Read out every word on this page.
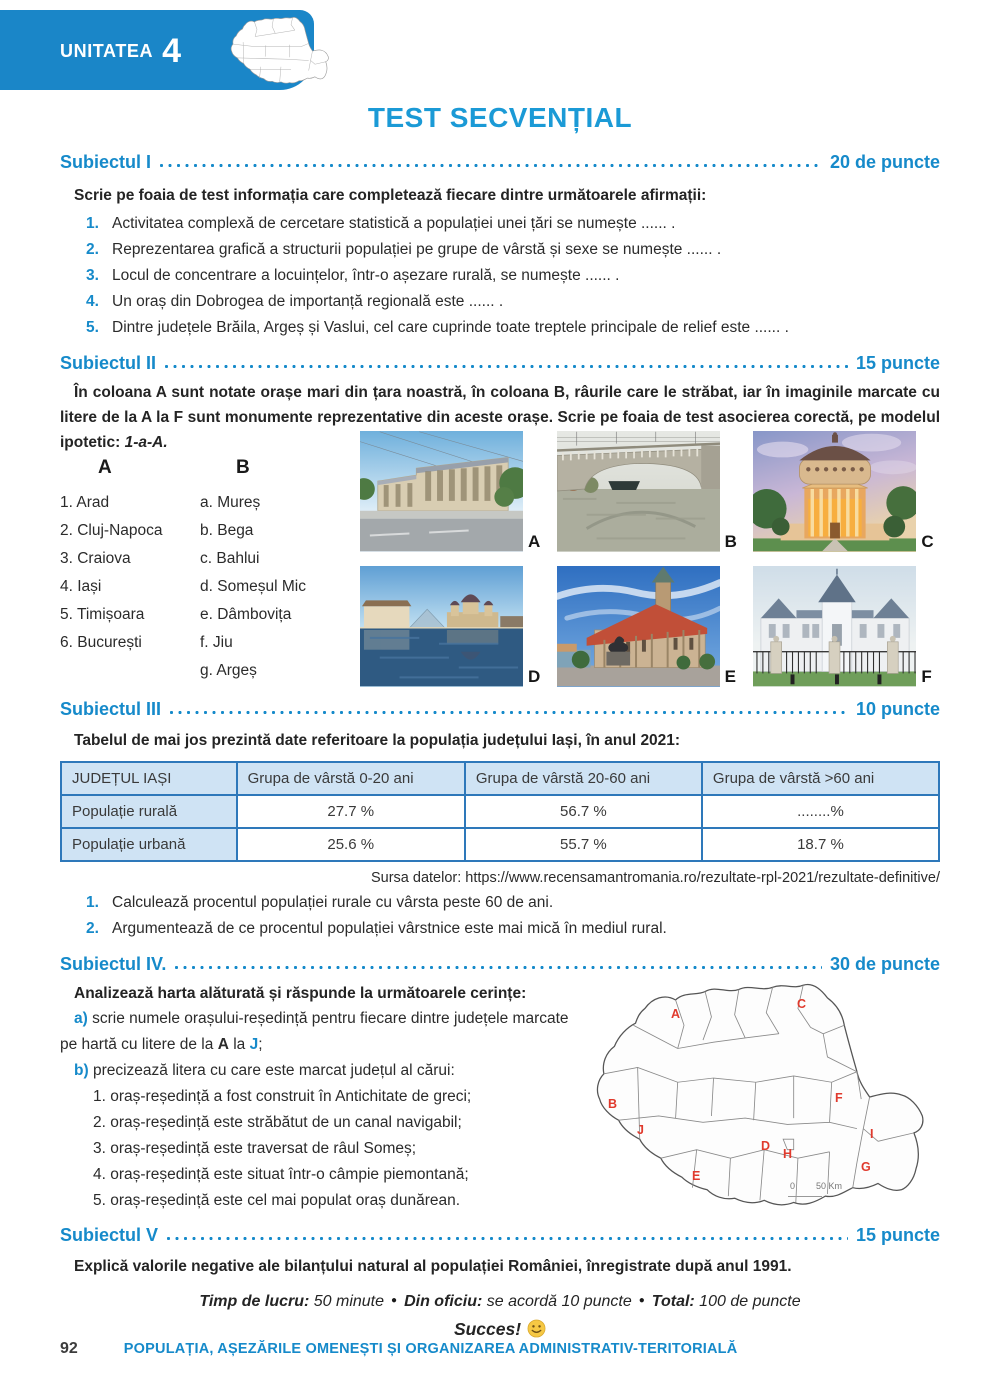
UNITATEA 4
TEST SECVENȚIAL
Subiectul I	20 de puncte
Scrie pe foaia de test informația care completează fiecare dintre următoarele afirmații:
1. Activitatea complexă de cercetare statistică a populației unei țări se numește ...... .
2. Reprezentarea grafică a structurii populației pe grupe de vârstă și sexe se numește ...... .
3. Locul de concentrare a locuințelor, într-o așezare rurală, se numește ...... .
4. Un oraș din Dobrogea de importanță regională este ...... .
5. Dintre județele Brăila, Argeș și Vaslui, cel care cuprinde toate treptele principale de relief este ...... .
Subiectul II	15 puncte
În coloana A sunt notate orașe mari din țara noastră, în coloana B, râurile care le străbat, iar în imaginile marcate cu litere de la A la F sunt monumente reprezentative din aceste orașe. Scrie pe foaia de test asocierea corectă, pe modelul ipotetic: 1-a-A.
A	B
1. Arad
2. Cluj-Napoca
3. Craiova
4. Iași
5. Timișoara
6. București
a. Mureș
b. Bega
c. Bahlui
d. Someșul Mic
e. Dâmbovița
f. Jiu
g. Argeș
A	B	C
D	E	F
Subiectul III	10 puncte
Tabelul de mai jos prezintă date referitoare la populația județului Iași, în anul 2021:
JUDEȚUL IAȘI	Grupa de vârstă 0-20 ani	Grupa de vârstă 20-60 ani	Grupa de vârstă >60 ani
Populație rurală	27.7 %	56.7 %	........%
Populație urbană	25.6 %	55.7 %	18.7 %
Sursa datelor: https://www.recensamantromania.ro/rezultate-rpl-2021/rezultate-definitive/
1. Calculează procentul populației rurale cu vârsta peste 60 de ani.
2. Argumentează de ce procentul populației vârstnice este mai mică în mediul rural.
Subiectul IV.	30 de puncte
Analizează harta alăturată și răspunde la următoarele cerințe:
a) scrie numele orașului-reședință pentru fiecare dintre județele marcate pe hartă cu litere de la A la J;
b) precizează litera cu care este marcat județul al cărui:
1. oraș-reședință a fost construit în Antichitate de greci;
2. oraș-reședință este străbătut de un canal navigabil;
3. oraș-reședință este traversat de râul Someș;
4. oraș-reședință este situat într-o câmpie piemontană;
5. oraș-reședință este cel mai populat oraș dunărean.
A
C
B
J
F
I
D
H
G
E
0 50 Km
Subiectul V	15 puncte
Explică valorile negative ale bilanțului natural al populației României, înregistrate după anul 1991.
Timp de lucru: 50 minute ● Din oficiu: se acordă 10 puncte ● Total: 100 de puncte
Succes!
92	POPULAȚIA, AȘEZĂRILE OMENEȘTI ȘI ORGANIZAREA ADMINISTRATIV-TERITORIALĂ
